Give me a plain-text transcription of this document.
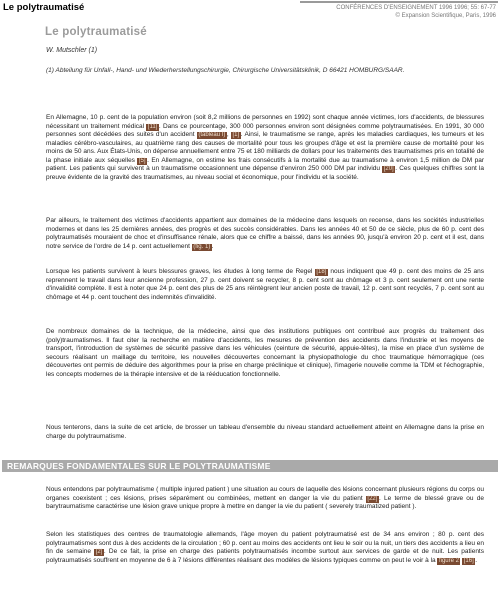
Le polytraumatisé	CONFÉRENCES D'ENSEIGNEMENT 1996 1996; 55: 67-77
© Expansion Scientifique, Paris, 1996
Le polytraumatisé
W. Mutschler (1)
(1) Abteilung für Unfall-, Hand- und Wiederherstellungschirurgie, Chirurgische Universitätsklinik, D 66421 HOMBURG/SAAR.

En Allemagne, 10 p. cent de la population environ (soit 8,2 millions de personnes en 1992) sont chaque année victimes, lors d'accidents, de blessures nécessitant un traitement médical [11] . Dans ce pourcentage, 300 000 personnes environ sont désignées comme polytraumatisées. En 1991, 30 000 personnes sont décédées des suites d'un accident (tableau I) , [1] . Ainsi, le traumatisme se range, après les maladies cardiaques, les tumeurs et les maladies cérébro-vasculaires, au quatrième rang des causes de mortalité pour tous les groupes d'âge et est la première cause de mortalité pour les moins de 50 ans. Aux États-Unis, on dépense annuellement entre 75 et 180 milliards de dollars pour les traitements des traumatismes pris en totalité de la phase initiale aux séquelles [5] . En Allemagne, on estime les frais consécutifs à la mortalité due au traumatisme à environ 1,5 million de DM par patient. Les patients qui survivent à un traumatisme occasionnent une dépense d'environ 250 000 DM par individu [20] . Ces quelques chiffres sont la preuve évidente de la gravité des traumatismes, au niveau social et économique, pour l'individu et la société.

Par ailleurs, le traitement des victimes d'accidents appartient aux domaines de la médecine dans lesquels on recense, dans les sociétés industrielles modernes et dans les 25 dernières années, des progrès et des succès considérables. Dans les années 40 et 50 de ce siècle, plus de 60 p. cent des polytraumatisés mouraient de choc et d'insuffisance rénale, alors que ce chiffre a baissé, dans les années 90, jusqu'à environ 20 p. cent et il est, dans notre service de l'ordre de 14 p. cent actuellement (fig. 1) .

Lorsque les patients survivent à leurs blessures graves, les études à long terme de Regel [18] nous indiquent que 49 p. cent des moins de 25 ans reprennent le travail dans leur ancienne profession, 27 p. cent doivent se recycler, 8 p. cent sont au chômage et 3 p. cent seulement ont une rente d'invalidité complète. Il est à noter que 24 p. cent des plus de 25 ans réintègrent leur ancien poste de travail, 12 p. cent sont recyclés, 7 p. cent sont au chômage et 44 p. cent touchent des indemnités d'invalidité.

De nombreux domaines de la technique, de la médecine, ainsi que des institutions publiques ont contribué aux progrès du traitement des (poly)traumatismes. Il faut citer la recherche en matière d'accidents, les mesures de prévention des accidents dans l'industrie et les moyens de transport, l'introduction de systèmes de sécurité passive dans les véhicules (ceinture de sécurité, appuie-têtes), la mise en place d'un système de secours réalisant un maillage du territoire, les nouvelles découvertes concernant la physiopathologie du choc traumatique hémorragique (ces découvertes ont permis de déduire des algorithmes pour la prise en charge préclinique et clinique), l'imagerie nouvelle comme la TDM et l'échographie, les concepts modernes de la thérapie intensive et de la rééducation fonctionnelle.

Nous tenterons, dans la suite de cet article, de brosser un tableau d'ensemble du niveau standard actuellement atteint en Allemagne dans la prise en charge du polytraumatisme.

REMARQUES FONDAMENTALES SUR LE POLYTRAUMATISME

Nous entendons par polytraumatisme ( multiple injured patient ) une situation au cours de laquelle des lésions concernant plusieurs régions du corps ou organes coexistent ; ces lésions, prises séparément ou combinées, mettent en danger la vie du patient [22] . Le terme de blessé grave ou de barytraumatisme caractérise une lésion grave unique propre à mettre en danger la vie du patient ( severely traumatized patient ).

Selon les statistiques des centres de traumatologie allemands, l'âge moyen du patient polytraumatisé est de 34 ans environ ; 80 p. cent des polytraumatismes sont dus à des accidents de la circulation ; 60 p. cent au moins des accidents ont lieu le soir ou la nuit, un tiers des accidents a lieu en fin de semaine [2] . De ce fait, la prise en charge des patients polytraumatisés incombe surtout aux services de garde et de nuit. Les patients polytraumatisés souffrent en moyenne de 6 à 7 lésions différentes réalisant des modèles de lésions typiques comme on peut le voir à la figure 2 [16] .
